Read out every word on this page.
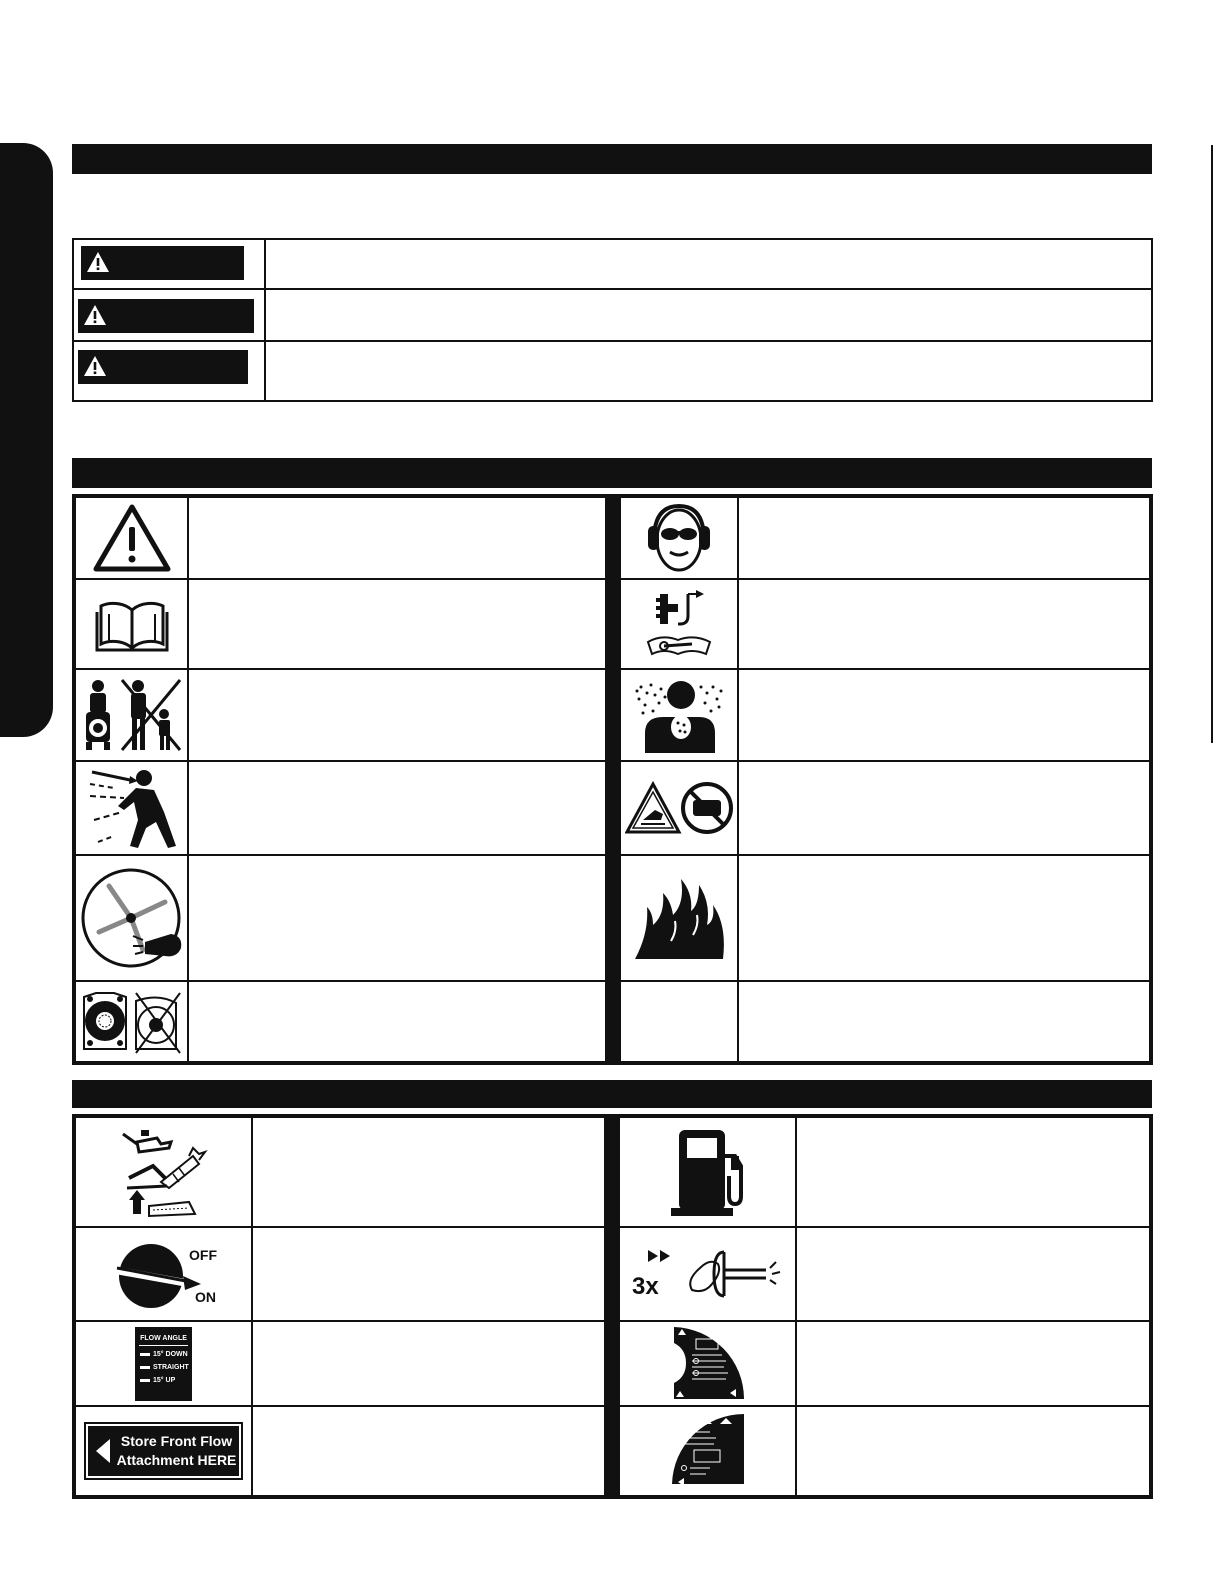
OFF
ON
FLOW ANGLE
15° DOWN
STRAIGHT
15° UP
Store Front Flow
Attachment HERE
3x
